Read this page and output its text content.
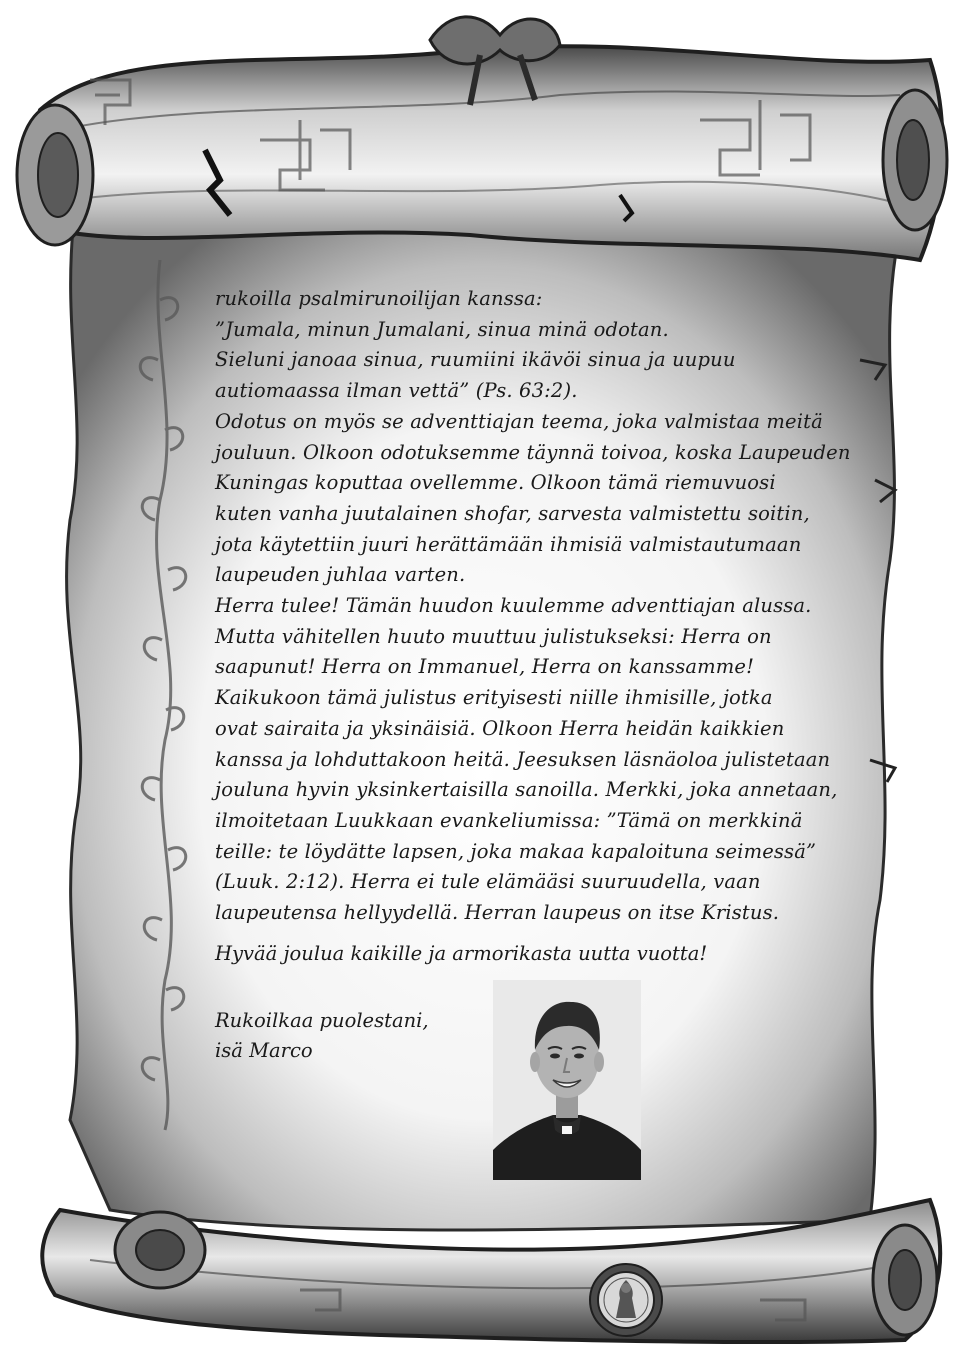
rukoilla psalmirunoilijan kanssa:
”Jumala, minun Jumalani, sinua minä odotan.
Sieluni janoaa sinua, ruumiini ikävöi sinua ja uupuu
autiomaassa ilman vettä” (Ps. 63:2).
Odotus on myös se adventtiajan teema, joka valmistaa meitä
jouluun. Olkoon odotuksemme täynnä toivoa, koska Laupeuden
Kuningas koputtaa ovellemme. Olkoon tämä riemuvuosi
kuten vanha juutalainen shofar, sarvesta valmistettu soitin,
jota käytettiin juuri herättämään ihmisiä valmistautumaan
laupeuden juhlaa varten.
Herra tulee! Tämän huudon kuulemme adventtiajan alussa.
Mutta vähitellen huuto muuttuu julistukseksi: Herra on
saapunut! Herra on Immanuel, Herra on kanssamme!
Kaikukoon tämä julistus erityisesti niille ihmisille, jotka
ovat sairaita ja yksinäisiä. Olkoon Herra heidän kaikkien
kanssa ja lohduttakoon heitä. Jeesuksen läsnäoloa julistetaan
jouluna hyvin yksinkertaisilla sanoilla. Merkki, joka annetaan,
ilmoitetaan Luukkaan evankeliumissa: ”Tämä on merkkinä
teille: te löydätte lapsen, joka makaa kapaloituna seimessä”
(Luuk. 2:12). Herra ei tule elämääsi suuruudella, vaan
laupeutensa hellyydellä. Herran laupeus on itse Kristus.
Hyvää joulua kaikille ja armorikasta uutta vuotta!
Rukoilkaa puolestani,
isä Marco
